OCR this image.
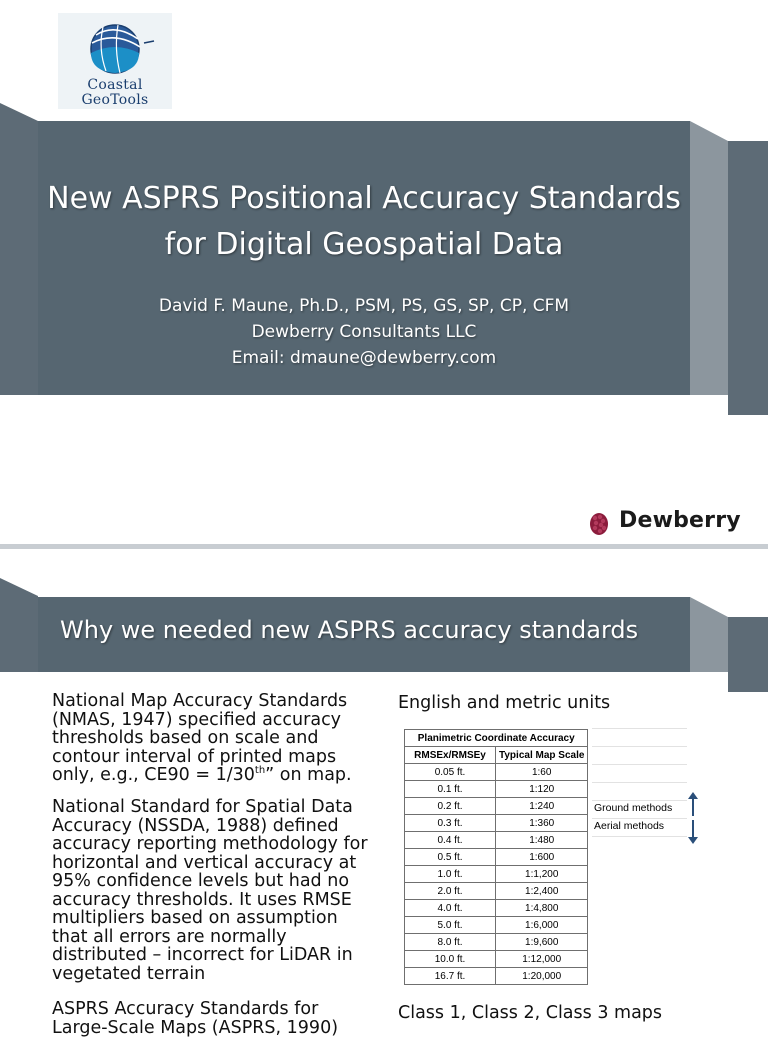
Coastal
GeoTools
New ASPRS Positional Accuracy Standards
for Digital Geospatial Data
David F. Maune, Ph.D., PSM, PS, GS, SP, CP, CFM
Dewberry Consultants LLC
Email: dmaune@dewberry.com
Dewberry
Why we needed new ASPRS accuracy standards
National Map Accuracy Standards (NMAS, 1947) specified accuracy thresholds based on scale and contour interval of printed maps only, e.g., CE90 = 1/30th” on map.
National Standard for Spatial Data Accuracy (NSSDA, 1988) defined accuracy reporting methodology for horizontal and vertical accuracy at 95% confidence levels but had no accuracy thresholds. It uses RMSE multipliers based on assumption that all errors are normally distributed – incorrect for LiDAR in vegetated terrain
ASPRS Accuracy Standards for Large-Scale Maps (ASPRS, 1990)
English and metric units
Planimetric Coordinate Accuracy	
RMSEx/RMSEy	Typical Map Scale
0.05 ft.	1:60
0.1 ft.	1:120
0.2 ft.	1:240
0.3 ft.	1:360
0.4 ft.	1:480
0.5 ft.	1:600
1.0 ft.	1:1,200
2.0 ft.	1:2,400
4.0 ft.	1:4,800
5.0 ft.	1:6,000
8.0 ft.	1:9,600
10.0 ft.	1:12,000
16.7 ft.	1:20,000
Ground methods
Aerial methods
Class 1, Class 2, Class 3 maps
